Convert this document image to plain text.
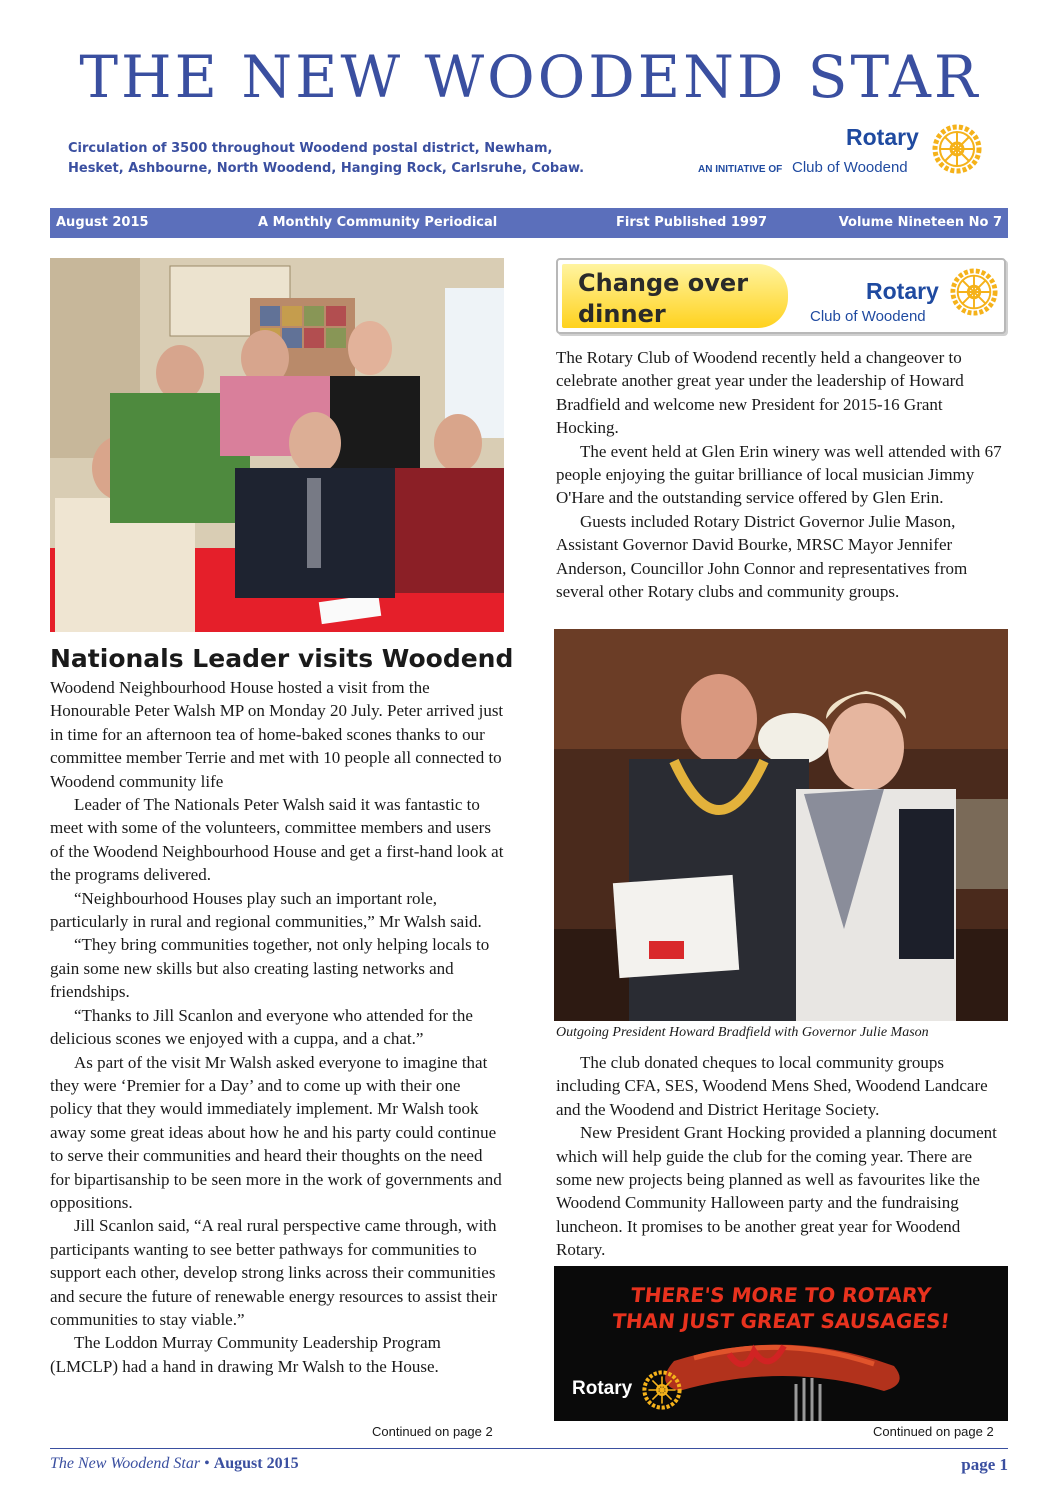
THE NEW WOODEND STAR
Circulation of 3500 throughout Woodend postal district, Newham,
Hesket, Ashbourne, North Woodend, Hanging Rock, Carlsruhe, Cobaw.
Rotary
AN INITIATIVE OF Club of Woodend
August 2015	A Monthly Community Periodical	First Published 1997	Volume Nineteen No 7
Nationals Leader visits Woodend

Woodend Neighbourhood House hosted a visit from the Honourable Peter Walsh MP on Monday 20 July. Peter arrived just in time for an afternoon tea of home-baked scones thanks to our committee member Terrie and met with 10 people all connected to Woodend community life

Leader of The Nationals Peter Walsh said it was fantastic to meet with some of the volunteers, committee members and users of the Woodend Neighbourhood House and get a first-hand look at the programs delivered.

“Neighbourhood Houses play such an important role, particularly in rural and regional communities,” Mr Walsh said.

“They bring communities together, not only helping locals to gain some new skills but also creating lasting networks and friendships.

“Thanks to Jill Scanlon and everyone who attended for the delicious scones we enjoyed with a cuppa, and a chat.”

As part of the visit Mr Walsh asked everyone to imagine that they were ‘Premier for a Day’ and to come up with their one policy that they would immediately implement. Mr Walsh took away some great ideas about how he and his party could continue to serve their communities and heard their thoughts on the need for bipartisanship to be seen more in the work of governments and oppositions.

Jill Scanlon said, “A real rural perspective came through, with participants wanting to see better pathways for communities to support each other, develop strong links across their communities and secure the future of renewable energy resources to assist their communities to stay viable.”

The Loddon Murray Community Leadership Program (LMCLP) had a hand in drawing Mr Walsh to the House.

Continued on page 2
Change over
dinner
Rotary
Club of Woodend

The Rotary Club of Woodend recently held a changeover to celebrate another great year under the leadership of Howard Bradfield and welcome new President for 2015-16 Grant Hocking.

The event held at Glen Erin winery was well attended with 67 people enjoying the guitar brilliance of local musician Jimmy O'Hare and the outstanding service offered by Glen Erin.

Guests included Rotary District Governor Julie Mason, Assistant Governor David Bourke, MRSC Mayor Jennifer Anderson, Councillor John Connor and representatives from several other Rotary clubs and community groups.

Outgoing President Howard Bradfield with Governor Julie Mason

The club donated cheques to local community groups including CFA, SES, Woodend Mens Shed, Woodend Landcare and the Woodend and District Heritage Society.

New President Grant Hocking provided a planning document which will help guide the club for the coming year. There are some new projects being planned as well as favourites like the Woodend Community Halloween party and the fundraising luncheon. It promises to be another great year for Woodend Rotary.

THERE'S MORE TO ROTARY
THAN JUST GREAT SAUSAGES!
Rotary
Continued on page 2
The New Woodend Star • August 2015	page 1
